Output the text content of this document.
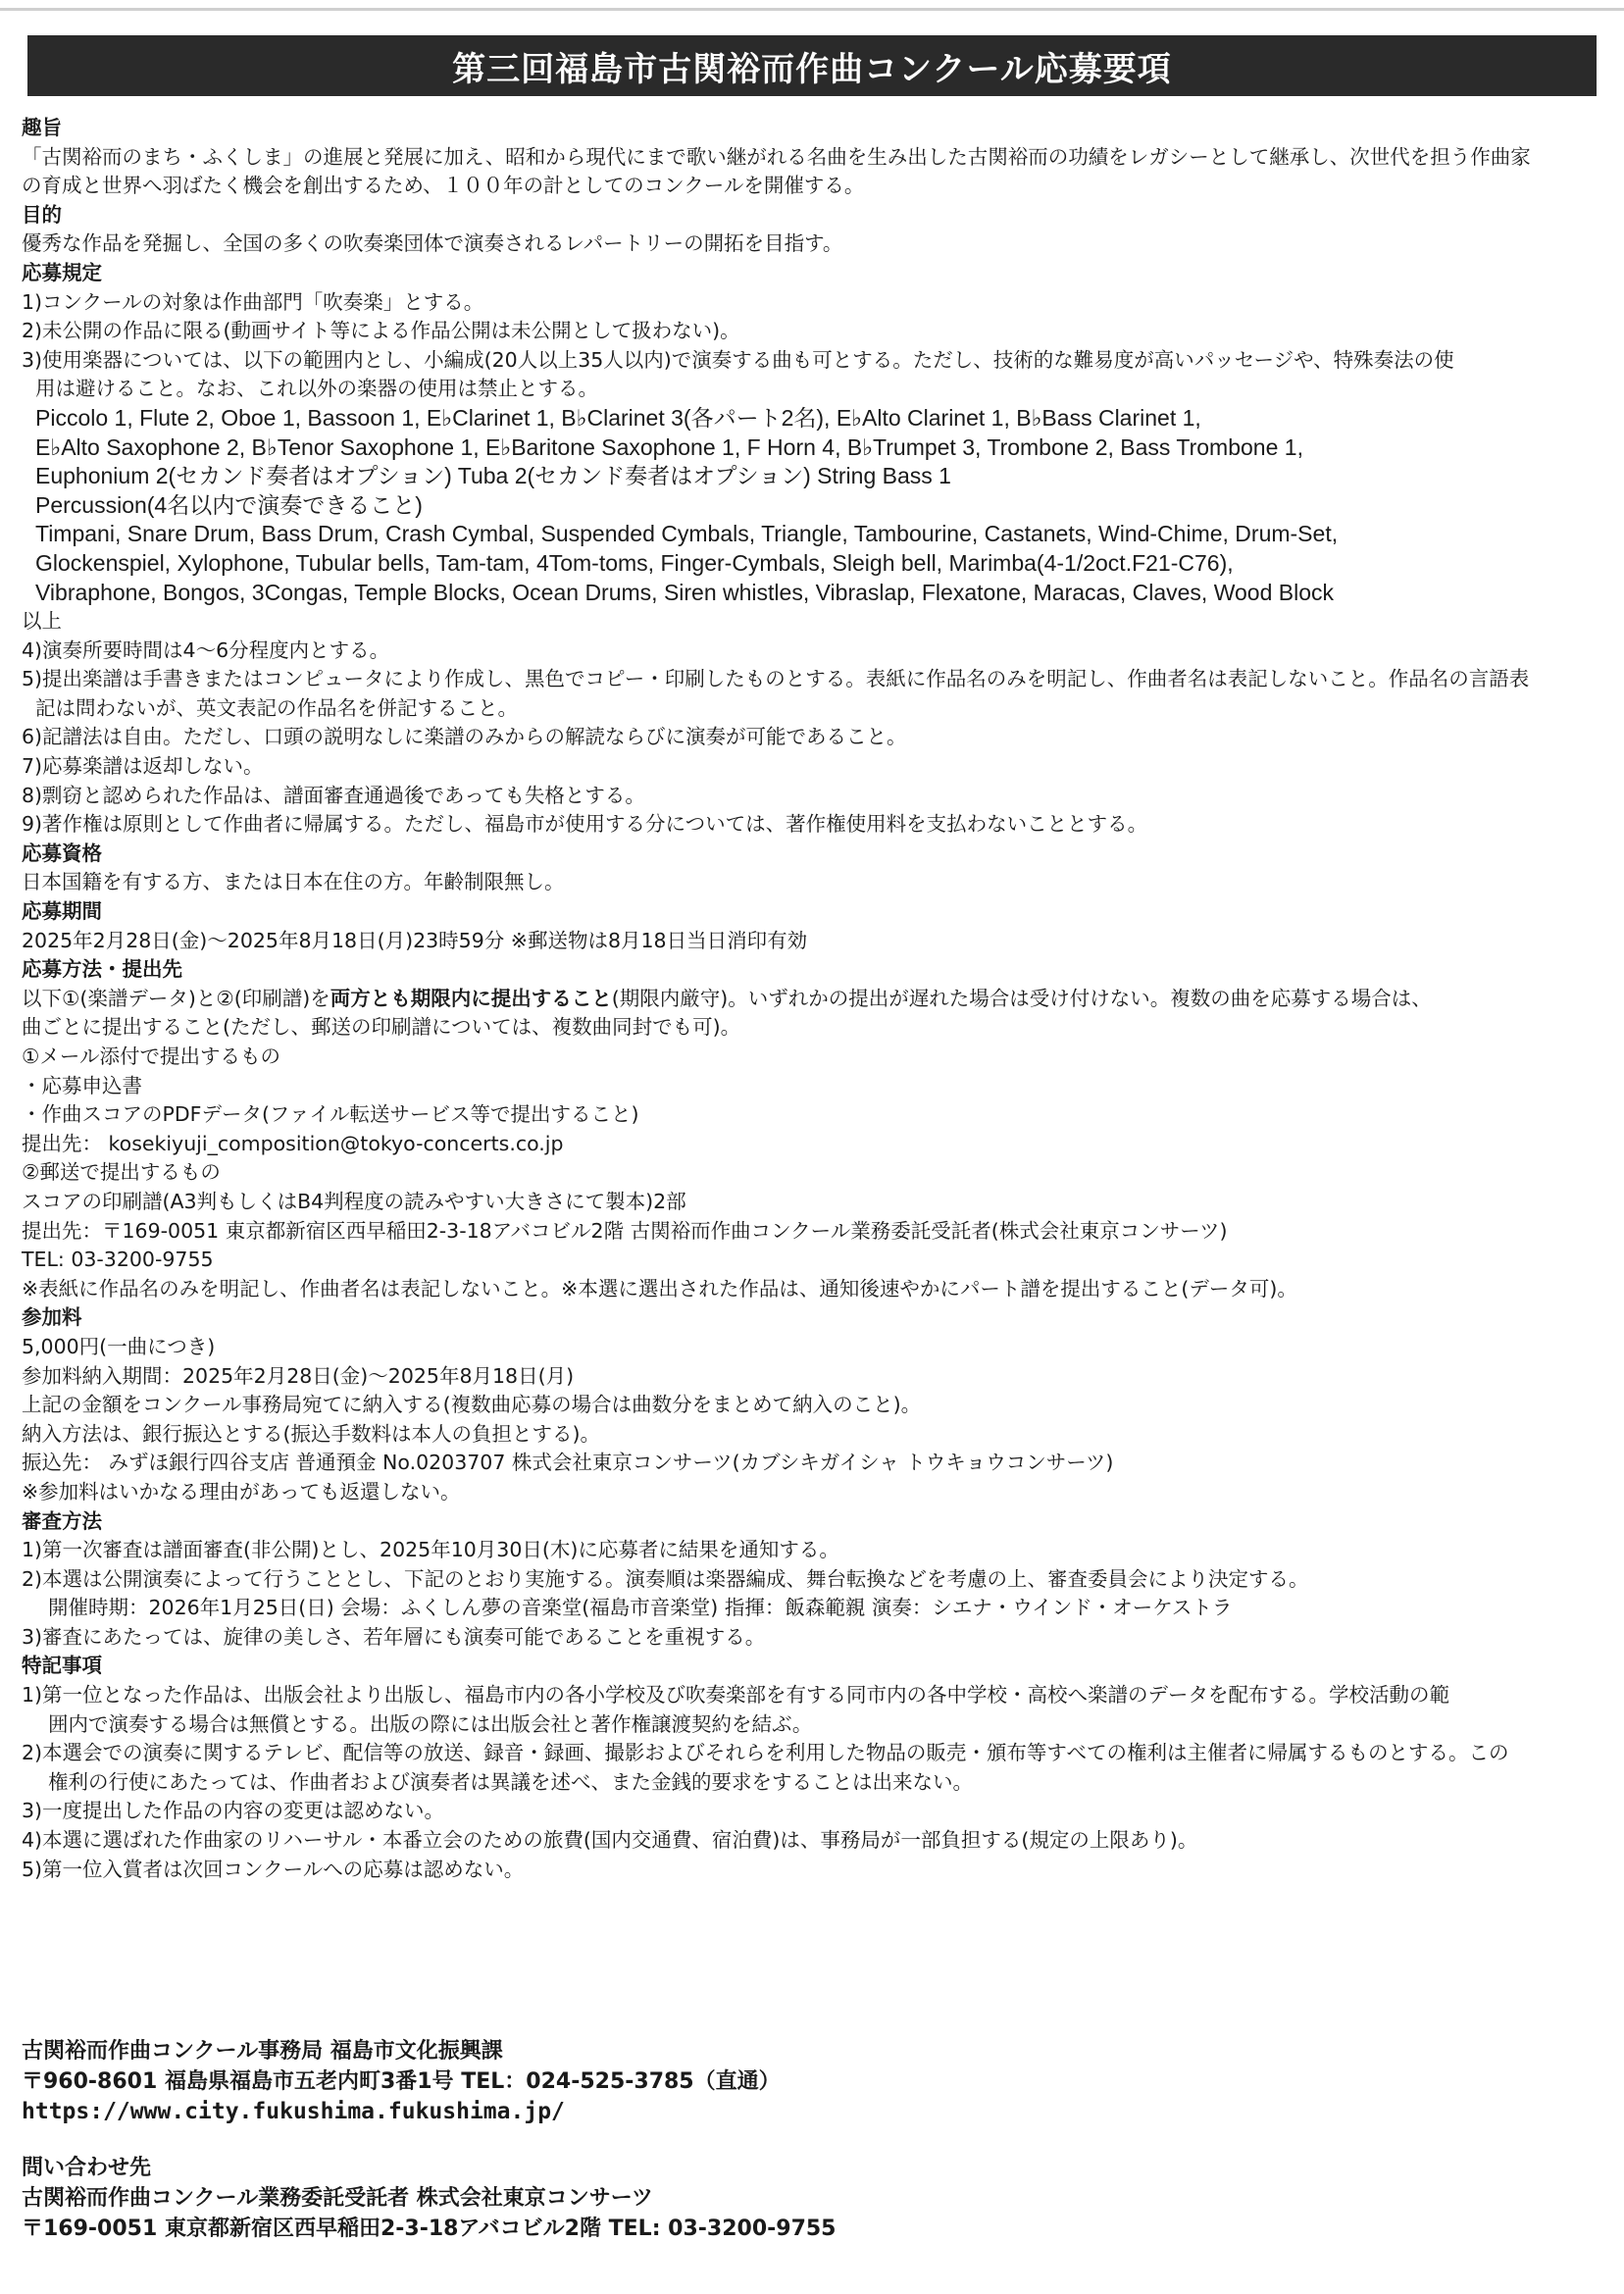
第三回福島市古関裕而作曲コンクール応募要項

趣旨

「古関裕而のまち・ふくしま」の進展と発展に加え、昭和から現代にまで歌い継がれる名曲を生み出した古関裕而の功績をレガシーとして継承し、次世代を担う作曲家

の育成と世界へ羽ばたく機会を創出するため、１００年の計としてのコンクールを開催する。

目的

優秀な作品を発掘し、全国の多くの吹奏楽団体で演奏されるレパートリーの開拓を目指す。

応募規定

1)コンクールの対象は作曲部門「吹奏楽」とする。

2)未公開の作品に限る(動画サイト等による作品公開は未公開として扱わない)。

3)使用楽器については、以下の範囲内とし、小編成(20人以上35人以内)で演奏する曲も可とする。ただし、技術的な難易度が高いパッセージや、特殊奏法の使

用は避けること。なお、これ以外の楽器の使用は禁止とする。

Piccolo 1, Flute 2, Oboe 1, Bassoon 1, E♭Clarinet 1, B♭Clarinet 3(各パート2名), E♭Alto Clarinet 1, B♭Bass Clarinet 1,

E♭Alto Saxophone 2, B♭Tenor Saxophone 1, E♭Baritone Saxophone 1, F Horn 4, B♭Trumpet 3, Trombone 2, Bass Trombone 1,

Euphonium 2(セカンド奏者はオプション) Tuba 2(セカンド奏者はオプション) String Bass 1

Percussion(4名以内で演奏できること)

Timpani, Snare Drum, Bass Drum, Crash Cymbal, Suspended Cymbals, Triangle, Tambourine, Castanets, Wind-Chime, Drum-Set,

Glockenspiel, Xylophone, Tubular bells, Tam-tam, 4Tom-toms, Finger-Cymbals, Sleigh bell, Marimba(4-1/2oct.F21-C76),

Vibraphone, Bongos, 3Congas, Temple Blocks, Ocean Drums, Siren whistles, Vibraslap, Flexatone, Maracas, Claves, Wood Block

以上

4)演奏所要時間は4～6分程度内とする。

5)提出楽譜は手書きまたはコンピュータにより作成し、黒色でコピー・印刷したものとする。表紙に作品名のみを明記し、作曲者名は表記しないこと。作品名の言語表

記は問わないが、英文表記の作品名を併記すること。

6)記譜法は自由。ただし、口頭の説明なしに楽譜のみからの解読ならびに演奏が可能であること。

7)応募楽譜は返却しない。

8)剽窃と認められた作品は、譜面審査通過後であっても失格とする。

9)著作権は原則として作曲者に帰属する。ただし、福島市が使用する分については、著作権使用料を支払わないこととする。

応募資格

日本国籍を有する方、または日本在住の方。年齢制限無し。

応募期間

2025年2月28日(金)～2025年8月18日(月)23時59分 ※郵送物は8月18日当日消印有効

応募方法・提出先

以下①(楽譜データ)と②(印刷譜)を両方とも期限内に提出すること(期限内厳守)。いずれかの提出が遅れた場合は受け付けない。複数の曲を応募する場合は、

曲ごとに提出すること(ただし、郵送の印刷譜については、複数曲同封でも可)。

①メール添付で提出するもの

・応募申込書

・作曲スコアのPDFデータ(ファイル転送サービス等で提出すること)

提出先： kosekiyuji_composition@tokyo-concerts.co.jp

②郵送で提出するもの

スコアの印刷譜(A3判もしくはB4判程度の読みやすい大きさにて製本)2部

提出先：〒169-0051 東京都新宿区西早稲田2-3-18アバコビル2階 古関裕而作曲コンクール業務委託受託者(株式会社東京コンサーツ)

TEL: 03-3200-9755

※表紙に作品名のみを明記し、作曲者名は表記しないこと。※本選に選出された作品は、通知後速やかにパート譜を提出すること(データ可)。

参加料

5,000円(一曲につき)

参加料納入期間：2025年2月28日(金)～2025年8月18日(月)

上記の金額をコンクール事務局宛てに納入する(複数曲応募の場合は曲数分をまとめて納入のこと)。

納入方法は、銀行振込とする(振込手数料は本人の負担とする)。

振込先： みずほ銀行四谷支店 普通預金 No.0203707 株式会社東京コンサーツ(カブシキガイシャ トウキョウコンサーツ)

※参加料はいかなる理由があっても返還しない。

審査方法

1)第一次審査は譜面審査(非公開)とし、2025年10月30日(木)に応募者に結果を通知する。

2)本選は公開演奏によって行うこととし、下記のとおり実施する。演奏順は楽器編成、舞台転換などを考慮の上、審査委員会により決定する。

開催時期：2026年1月25日(日) 会場：ふくしん夢の音楽堂(福島市音楽堂) 指揮：飯森範親 演奏：シエナ・ウインド・オーケストラ

3)審査にあたっては、旋律の美しさ、若年層にも演奏可能であることを重視する。

特記事項

1)第一位となった作品は、出版会社より出版し、福島市内の各小学校及び吹奏楽部を有する同市内の各中学校・高校へ楽譜のデータを配布する。学校活動の範

囲内で演奏する場合は無償とする。出版の際には出版会社と著作権譲渡契約を結ぶ。

2)本選会での演奏に関するテレビ、配信等の放送、録音・録画、撮影およびそれらを利用した物品の販売・頒布等すべての権利は主催者に帰属するものとする。この

権利の行使にあたっては、作曲者および演奏者は異議を述べ、また金銭的要求をすることは出来ない。

3)一度提出した作品の内容の変更は認めない。

4)本選に選ばれた作曲家のリハーサル・本番立会のための旅費(国内交通費、宿泊費)は、事務局が一部負担する(規定の上限あり)。

5)第一位入賞者は次回コンクールへの応募は認めない。

古関裕而作曲コンクール事務局 福島市文化振興課

〒960-8601 福島県福島市五老内町3番1号 TEL：024-525-3785（直通）

https://www.city.fukushima.fukushima.jp/

問い合わせ先

古関裕而作曲コンクール業務委託受託者 株式会社東京コンサーツ

〒169-0051 東京都新宿区西早稲田2-3-18アバコビル2階 TEL: 03-3200-9755
